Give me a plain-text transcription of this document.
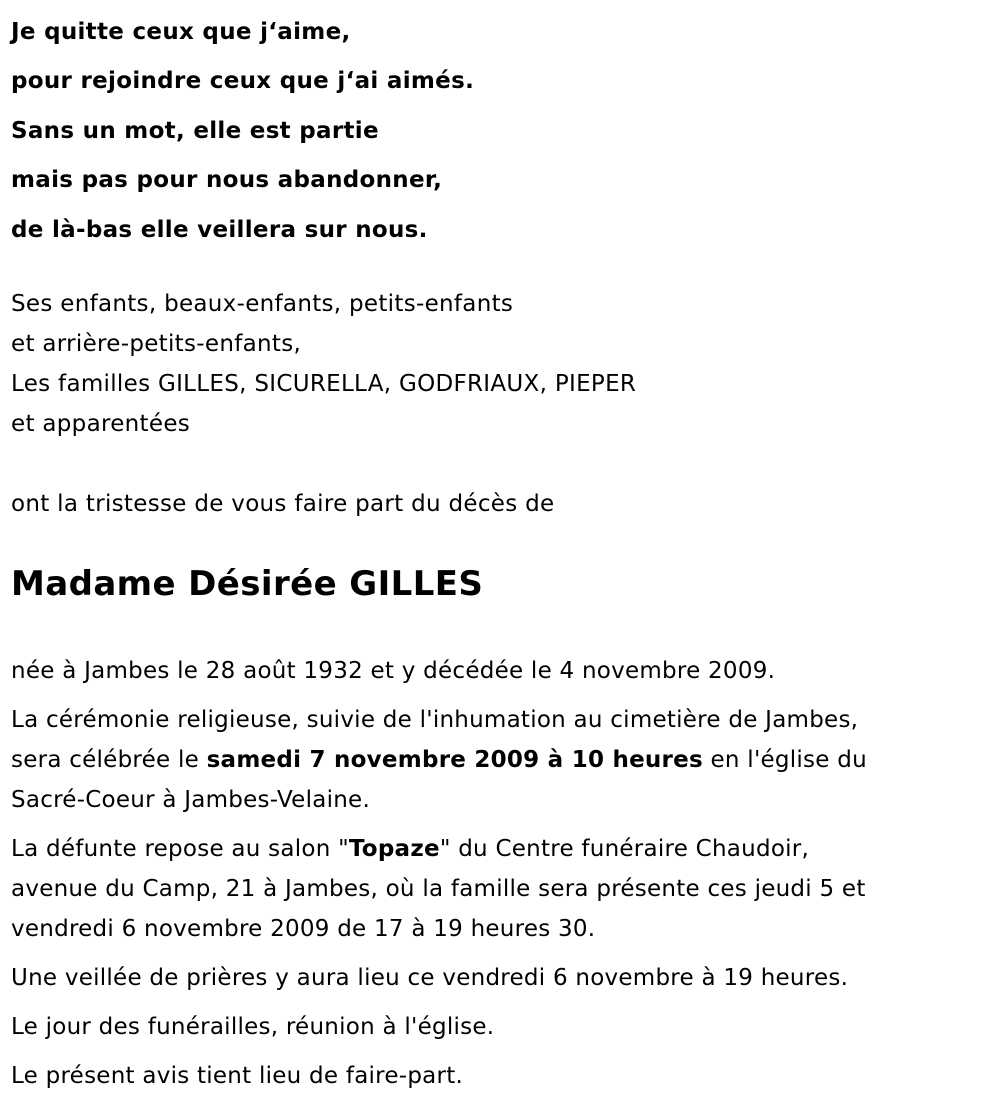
Je quitte ceux que j‘aime,
pour rejoindre ceux que j‘ai aimés.
Sans un mot, elle est partie
mais pas pour nous abandonner,
de là-bas elle veillera sur nous.
Ses enfants, beaux-enfants, petits-enfants
et arrière-petits-enfants,
Les familles GILLES, SICURELLA, GODFRIAUX, PIEPER
et apparentées
ont la tristesse de vous faire part du décès de
Madame Désirée GILLES

née à Jambes le 28 août 1932 et y décédée le 4 novembre 2009.

La cérémonie religieuse, suivie de l'inhumation au cimetière de Jambes,
sera célébrée le samedi 7 novembre 2009 à 10 heures en l'église du
Sacré-Coeur à Jambes-Velaine.

La défunte repose au salon "Topaze" du Centre funéraire Chaudoir,
avenue du Camp, 21 à Jambes, où la famille sera présente ces jeudi 5 et
vendredi 6 novembre 2009 de 17 à 19 heures 30.

Une veillée de prières y aura lieu ce vendredi 6 novembre à 19 heures.

Le jour des funérailles, réunion à l'église.

Le présent avis tient lieu de faire-part.
